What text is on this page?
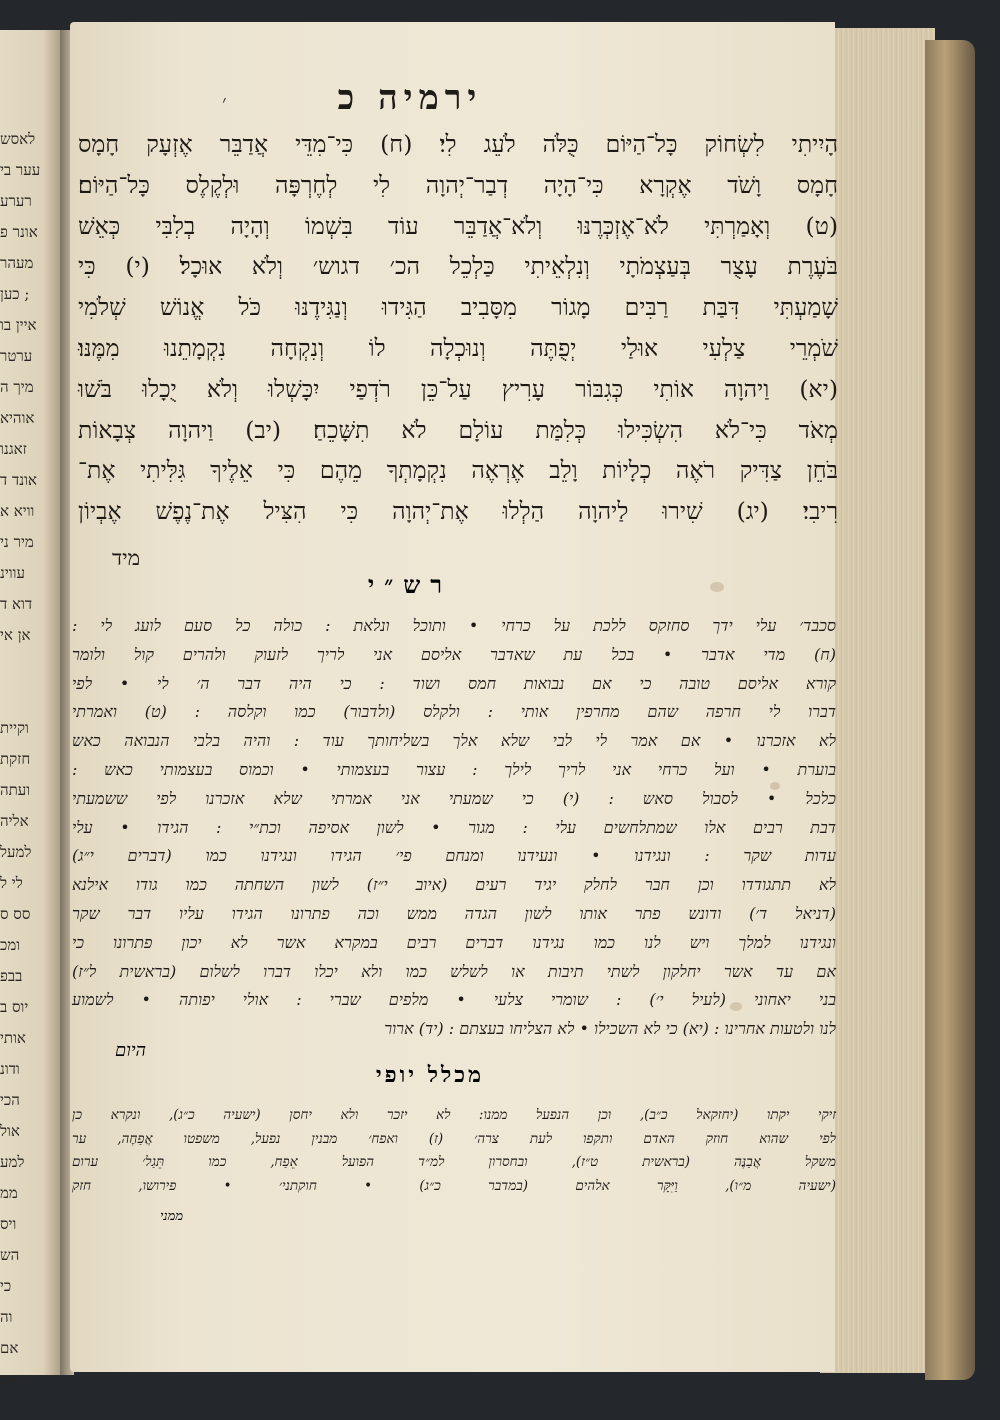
לאסש
עער בי
רערע
אונר פ
מעהר
כען ;
איין בו
ערטר
מיך ה
אוהיא
זאגנו
אונד ד
וויא א
מיר ני
עווינ
דוא ד
אן אי
וקיית
חזקת
ועתה
אליה
למעל
לי ל
סס ס
ומכ
בבפ
יוס ב
אותי
ודונ
הכי
אול
למע
ממ
ויס
הש
כי
וה
אם
אס
׳	ירמיה כ
הָיִיתִי לִשְׂחוֹק כָּל־הַיּוֹם כֻּלֹּה לֹעֵג לִי׃ (ח) כִּי־מִדֵּי אֲדַבֵּר אֶזְעָק חָמָס
חָמָס וָשֹׁד אֶקְרָא כִּי־הָיָה דְבַר־יְהוָה לִי לְחֶרְפָּה וּלְקֶלֶס כָּל־הַיּוֹם׃
(ט) וְאָמַרְתִּי לֹא־אֶזְכְּרֶנּוּ וְלֹא־אֲדַבֵּר עוֹד בִּשְׁמוֹ וְהָיָה בְלִבִּי כְּאֵשׁ
בֹּעֶרֶת עָצֻר בְּעַצְמֹתָי וְנִלְאֵיתִי כַּלְכֵל הכ׳ דגוש׳ וְלֹא אוּכָל׃ (י) כִּי
שָׁמַעְתִּי דִּבַּת רַבִּים מָגוֹר מִסָּבִיב הַגִּידוּ וְנַגִּידֶנּוּ כֹּל אֱנוֹשׁ שְׁלֹמִי
שֹׁמְרֵי צַלְעִי אוּלַי יְפֻתֶּה וְנוּכְלָה לוֹ וְנִקְחָה נִקְמָתֵנוּ מִמֶּנּוּ׃
(יא) וַיהוָה אוֹתִי כְּגִבּוֹר עָרִיץ עַל־כֵּן רֹדְפַי יִכָּשְׁלוּ וְלֹא יֻכָלוּ בֹּשׁוּ
מְאֹד כִּי־לֹא הִשְׂכִּילוּ כְּלִמַּת עוֹלָם לֹא תִשָּׁכֵחַ׃ (יב) וַיהוָה צְבָאוֹת
בֹּחֵן צַדִּיק רֹאֶה כְלָיוֹת וָלֵב אֶרְאֶה נִקְמָתְךָ מֵהֶם כִּי אֵלֶיךָ גִּלִּיתִי אֶת־
רִיבִי׃ (יג) שִׁירוּ לַיהוָה הַלְלוּ אֶת־יְהוָה כִּי הִצִּיל אֶת־נֶפֶשׁ אֶבְיוֹן
מיד
רש״י
סכבד׳ עלי ידך סחזקס ללכת על כרחי • ותוכל ונלאת : כולה כל סעם לועג לי :
(ח) מדי אדבר • בכל עת שאדבר אליסם אני לריך לזעוק ולהרים קול ולומר
קורא אליסם טובה כי אם נבואות חמס ושוד : כי היה דבר ה׳ לי • לפי
דברו לי חרפה שהם מחרפין אותי : ולקלס (ולדבור) כמו וקלסה : (ט) ואמרתי
לא אזכרנו • אם אמר לי לבי שלא אלך בשליחותך עוד : והיה בלבי הנבואה כאש
בוערת • ועל כרחי אני לריך לילך : עצור בעצמותי • וכמוס בעצמותי כאש :
כלכל • לסבול סאש : (י) כי שמעתי אני אמרתי שלא אזכרנו לפי ששמעתי
דבת רבים אלו שמתלחשים עלי : מגור • לשון אסיפה וכת״י : הגידו • עלי
עדות שקר : ונגידנו • ונעידנו ומנחם פי׳ הגידו ונגידנו כמו (דברים י״ג)
לא תתגודדו וכן חבר לחלק יגיד רעים (איוב י״ז) לשון השחתה כמו גודו אילנא
(דניאל ד׳) ודונש פתר אותו לשון הגדה ממש וכה פתרונו הגידו עליו דבר שקר
ונגידנו למלך ויש לנו כמו נגידנו דברים רבים במקרא אשר לא יכון פתרונו כי
אם עד אשר יחלקון לשתי תיבות או לשלש כמו ולא יכלו דברו לשלום (בראשית ל״ז)
בני יאחוני (לעיל י׳) : שומרי צלעי • מלפים שברי : אולי יפותה • לשמוע
לנו ולטעות אחרינו : (יא) כי לא השכילו • לא הצליחו בעצתם : (יד) ארור
היום
מכלל יופי
זיקי יקתו (יחזקאל כ״ב), וכן הנפעל ממנו: לא יזכר ולא יחסן (ישעיה כ״ג), ונקרא כן
לפי שהוא חוזק האדם ותקפו לעת צרה׳ (ז) ואפח׳ מבנין נפעל, משפטו אֲפַחֶה, ער
משקל אֲבַנֶּה (בראשית ט״ז), ובחסרון למ״ד הפועל אֵפַח, כמו תֵּגַל׳ ערום
(ישעיה מ״ו), וַיִּקָּר אלהים (במדבר כ״ג) • חוקתני׳ • פירושו, חזק
ממני
